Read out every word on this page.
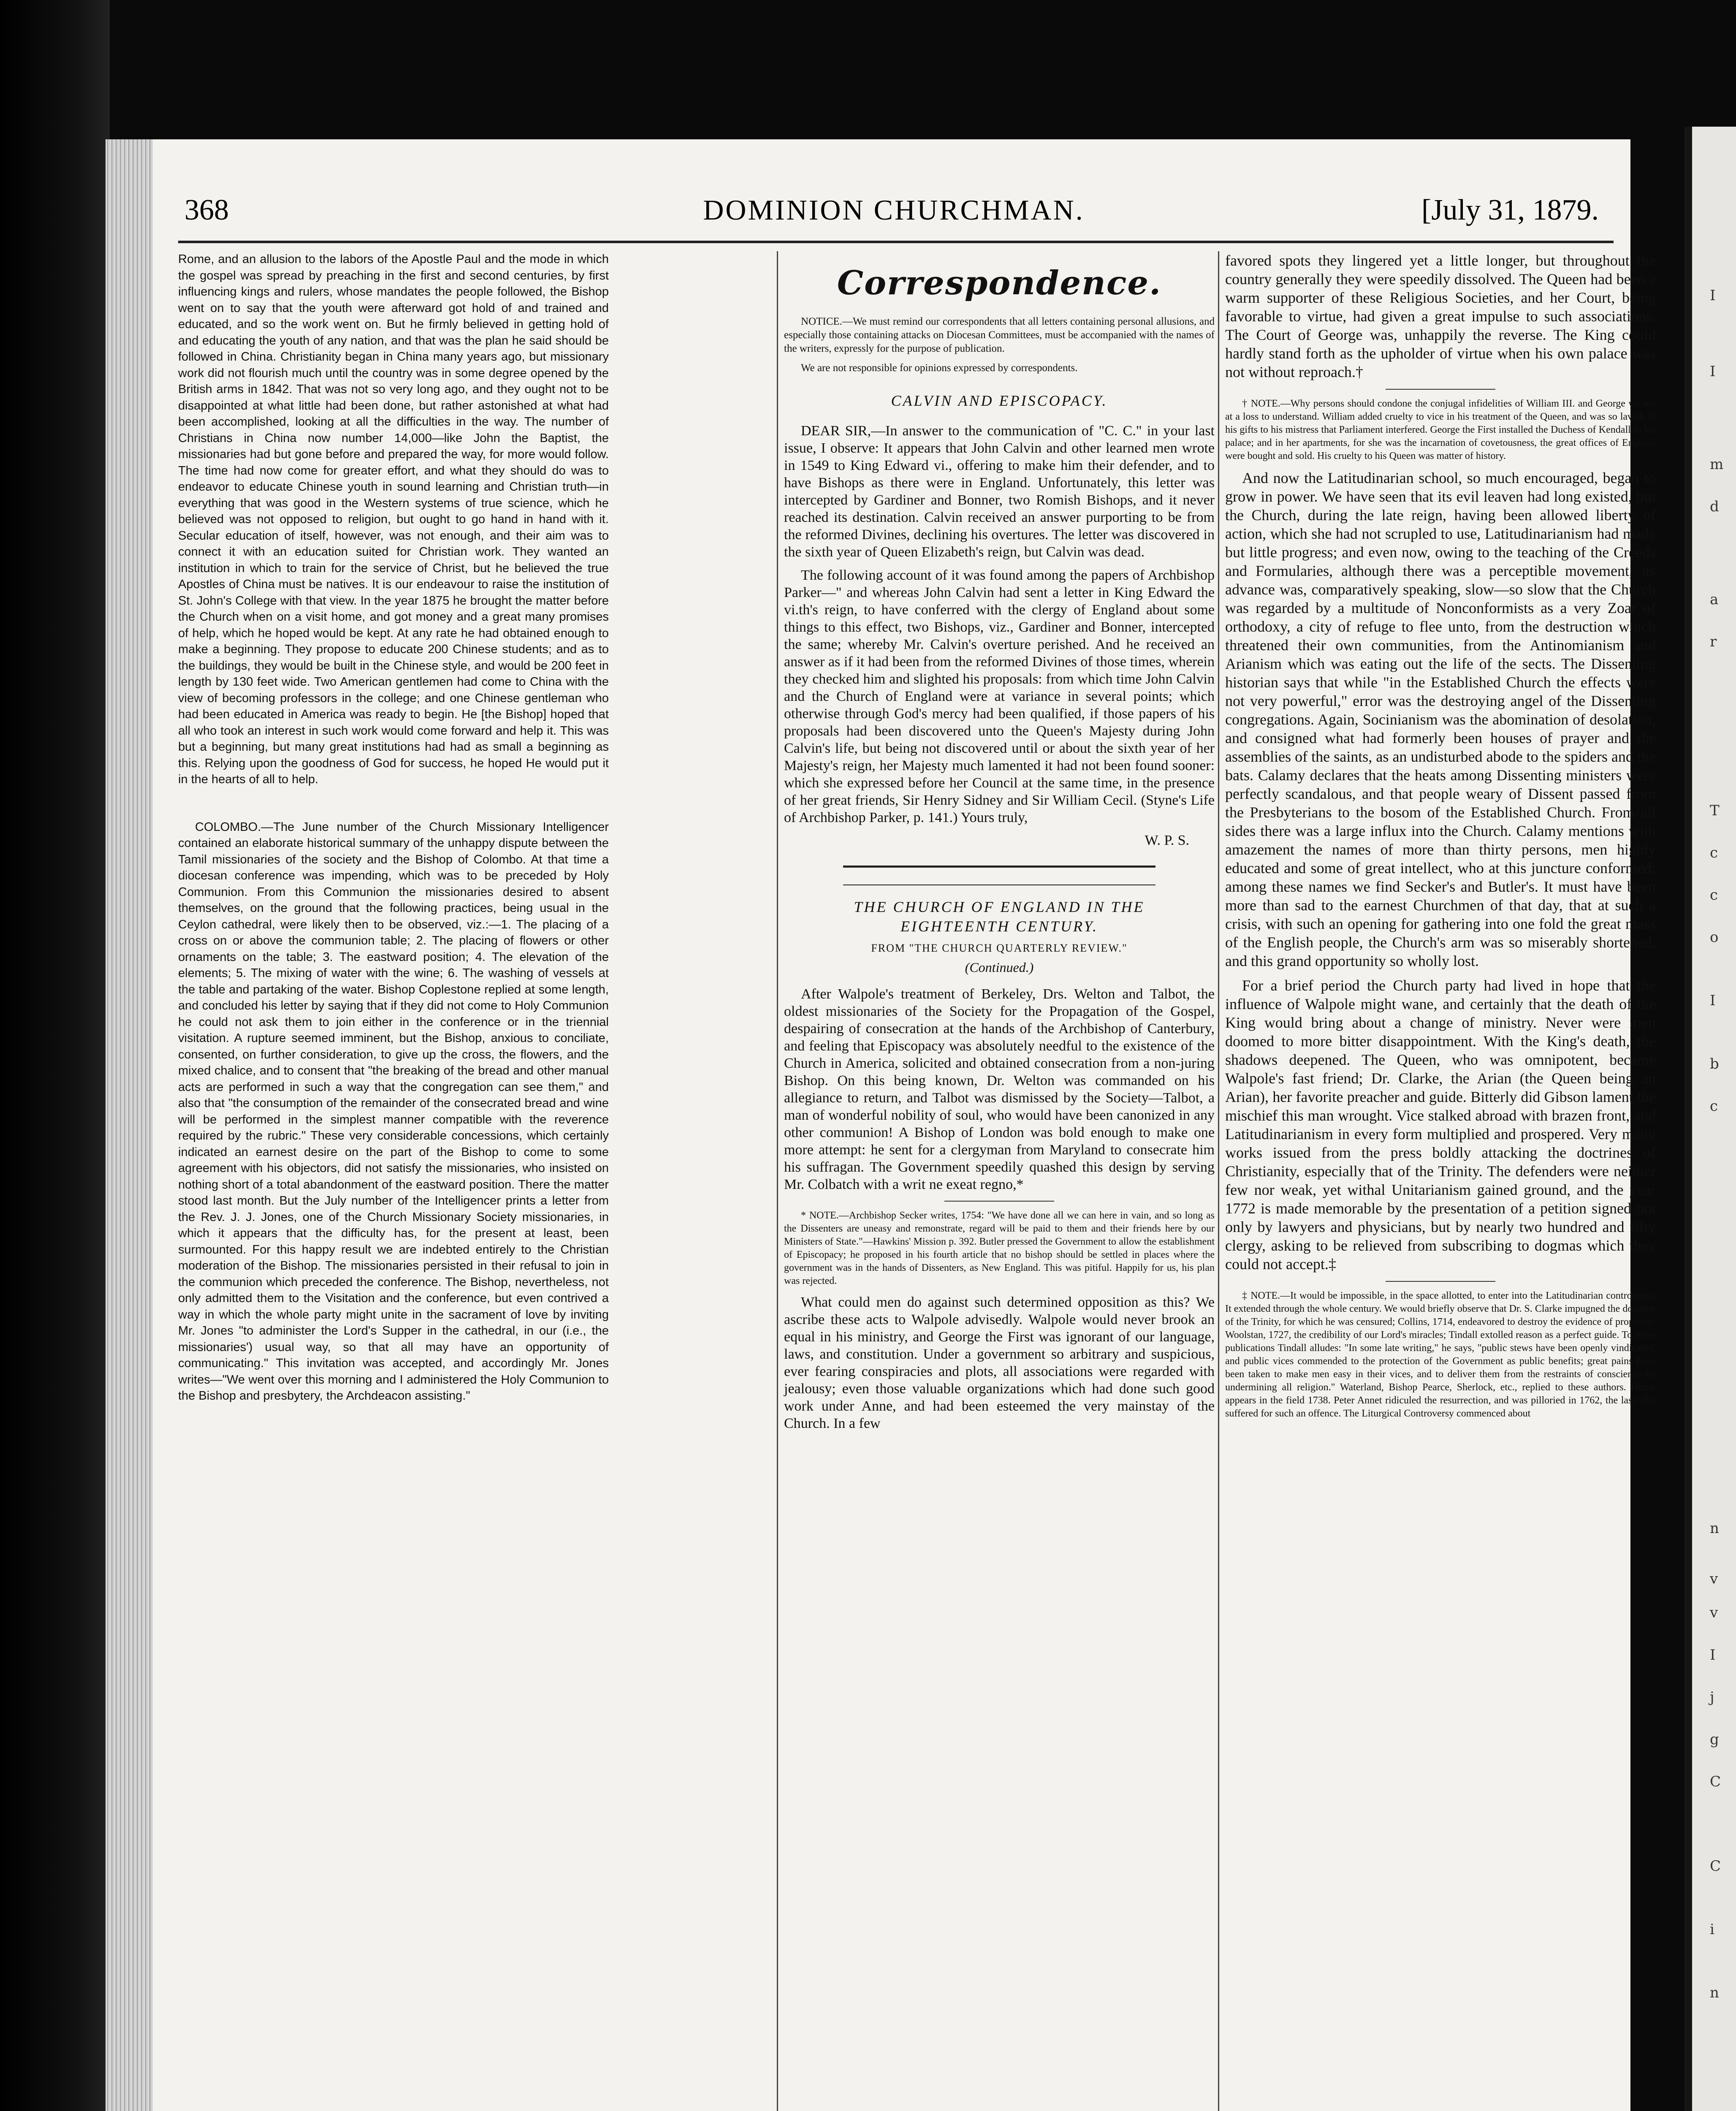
I

I

m

d

a

r

T

c

c

o

I

b

c

n

v

v

I

j

g

C

C

i

n

368	DOMINION CHURCHMAN.	[July 31, 1879.

Rome, and an allusion to the labors of the Apostle Paul and the mode in which the gospel was spread by preaching in the first and second centuries, by first influencing kings and rulers, whose mandates the people followed, the Bishop went on to say that the youth were afterward got hold of and trained and educated, and so the work went on. But he firmly believed in getting hold of and educating the youth of any nation, and that was the plan he said should be followed in China. Christianity began in China many years ago, but missionary work did not flourish much until the country was in some degree opened by the British arms in 1842. That was not so very long ago, and they ought not to be disappointed at what little had been done, but rather astonished at what had been accomplished, looking at all the difficulties in the way. The number of Christians in China now number 14,000—like John the Baptist, the missionaries had but gone before and prepared the way, for more would follow. The time had now come for greater effort, and what they should do was to endeavor to educate Chinese youth in sound learning and Christian truth—in everything that was good in the Western systems of true science, which he believed was not opposed to religion, but ought to go hand in hand with it. Secular education of itself, however, was not enough, and their aim was to connect it with an education suited for Christian work. They wanted an institution in which to train for the service of Christ, but he believed the true Apostles of China must be natives. It is our endeavour to raise the institution of St. John's College with that view. In the year 1875 he brought the matter before the Church when on a visit home, and got money and a great many promises of help, which he hoped would be kept. At any rate he had obtained enough to make a beginning. They propose to educate 200 Chinese students; and as to the buildings, they would be built in the Chinese style, and would be 200 feet in length by 130 feet wide. Two American gentlemen had come to China with the view of becoming professors in the college; and one Chinese gentleman who had been educated in America was ready to begin. He [the Bishop] hoped that all who took an interest in such work would come forward and help it. This was but a beginning, but many great institutions had had as small a beginning as this. Relying upon the goodness of God for success, he hoped He would put it in the hearts of all to help.

COLOMBO.—The June number of the Church Missionary Intelligencer contained an elaborate historical summary of the unhappy dispute between the Tamil missionaries of the society and the Bishop of Colombo. At that time a diocesan conference was impending, which was to be preceded by Holy Communion. From this Communion the missionaries desired to absent themselves, on the ground that the following practices, being usual in the Ceylon cathedral, were likely then to be observed, viz.:—1. The placing of a cross on or above the communion table; 2. The placing of flowers or other ornaments on the table; 3. The eastward position; 4. The elevation of the elements; 5. The mixing of water with the wine; 6. The washing of vessels at the table and partaking of the water. Bishop Coplestone replied at some length, and concluded his letter by saying that if they did not come to Holy Communion he could not ask them to join either in the conference or in the triennial visitation. A rupture seemed imminent, but the Bishop, anxious to conciliate, consented, on further consideration, to give up the cross, the flowers, and the mixed chalice, and to consent that "the breaking of the bread and other manual acts are performed in such a way that the congregation can see them," and also that "the consumption of the remainder of the consecrated bread and wine will be performed in the simplest manner compatible with the reverence required by the rubric." These very considerable concessions, which certainly indicated an earnest desire on the part of the Bishop to come to some agreement with his objectors, did not satisfy the missionaries, who insisted on nothing short of a total abandonment of the eastward position. There the matter stood last month. But the July number of the Intelligencer prints a letter from the Rev. J. J. Jones, one of the Church Missionary Society missionaries, in which it appears that the difficulty has, for the present at least, been surmounted. For this happy result we are indebted entirely to the Christian moderation of the Bishop. The missionaries persisted in their refusal to join in the communion which preceded the conference. The Bishop, nevertheless, not only admitted them to the Visitation and the conference, but even contrived a way in which the whole party might unite in the sacrament of love by inviting Mr. Jones "to administer the Lord's Supper in the cathedral, in our (i.e., the missionaries') usual way, so that all may have an opportunity of communicating." This invitation was accepted, and accordingly Mr. Jones writes—"We went over this morning and I administered the Holy Communion to the Bishop and presbytery, the Archdeacon assisting."

Correspondence.

NOTICE.—We must remind our correspondents that all letters containing personal allusions, and especially those containing attacks on Diocesan Committees, must be accompanied with the names of the writers, expressly for the purpose of publication.

We are not responsible for opinions expressed by correspondents.

CALVIN AND EPISCOPACY.

DEAR SIR,—In answer to the communication of "C. C." in your last issue, I observe: It appears that John Calvin and other learned men wrote in 1549 to King Edward vi., offering to make him their defender, and to have Bishops as there were in England. Unfortunately, this letter was intercepted by Gardiner and Bonner, two Romish Bishops, and it never reached its destination. Calvin received an answer purporting to be from the reformed Divines, declining his overtures. The letter was discovered in the sixth year of Queen Elizabeth's reign, but Calvin was dead.

The following account of it was found among the papers of Archbishop Parker—" and whereas John Calvin had sent a letter in King Edward the vi.th's reign, to have conferred with the clergy of England about some things to this effect, two Bishops, viz., Gardiner and Bonner, intercepted the same; whereby Mr. Calvin's overture perished. And he received an answer as if it had been from the reformed Divines of those times, wherein they checked him and slighted his proposals: from which time John Calvin and the Church of England were at variance in several points; which otherwise through God's mercy had been qualified, if those papers of his proposals had been discovered unto the Queen's Majesty during John Calvin's life, but being not discovered until or about the sixth year of her Majesty's reign, her Majesty much lamented it had not been found sooner: which she expressed before her Council at the same time, in the presence of her great friends, Sir Henry Sidney and Sir William Cecil. (Styne's Life of Archbishop Parker, p. 141.) Yours truly,

W. P. S.

THE CHURCH OF ENGLAND IN THE
EIGHTEENTH CENTURY.
FROM "THE CHURCH QUARTERLY REVIEW."
(Continued.)

After Walpole's treatment of Berkeley, Drs. Welton and Talbot, the oldest missionaries of the Society for the Propagation of the Gospel, despairing of consecration at the hands of the Archbishop of Canterbury, and feeling that Episcopacy was absolutely needful to the existence of the Church in America, solicited and obtained consecration from a non-juring Bishop. On this being known, Dr. Welton was commanded on his allegiance to return, and Talbot was dismissed by the Society—Talbot, a man of wonderful nobility of soul, who would have been canonized in any other communion! A Bishop of London was bold enough to make one more attempt: he sent for a clergyman from Maryland to consecrate him his suffragan. The Government speedily quashed this design by serving Mr. Colbatch with a writ ne exeat regno,*

* NOTE.—Archbishop Secker writes, 1754: "We have done all we can here in vain, and so long as the Dissenters are uneasy and remonstrate, regard will be paid to them and their friends here by our Ministers of State."—Hawkins' Mission p. 392. Butler pressed the Government to allow the establishment of Episcopacy; he proposed in his fourth article that no bishop should be settled in places where the government was in the hands of Dissenters, as New England. This was pitiful. Happily for us, his plan was rejected.

What could men do against such determined opposition as this? We ascribe these acts to Walpole advisedly. Walpole would never brook an equal in his ministry, and George the First was ignorant of our language, laws, and constitution. Under a government so arbitrary and suspicious, ever fearing conspiracies and plots, all associations were regarded with jealousy; even those valuable organizations which had done such good work under Anne, and had been esteemed the very mainstay of the Church. In a few

favored spots they lingered yet a little longer, but throughout the country generally they were speedily dissolved. The Queen had been a warm supporter of these Religious Societies, and her Court, being favorable to virtue, had given a great impulse to such associations. The Court of George was, unhappily the reverse. The King could hardly stand forth as the upholder of virtue when his own palace was not without reproach.†

† NOTE.—Why persons should condone the conjugal infidelities of William III. and George we are at a loss to understand. William added cruelty to vice in his treatment of the Queen, and was so lavish of his gifts to his mistress that Parliament interfered. George the First installed the Duchess of Kendall in his palace; and in her apartments, for she was the incarnation of covetousness, the great offices of England were bought and sold. His cruelty to his Queen was matter of history.

And now the Latitudinarian school, so much encouraged, began to grow in power. We have seen that its evil leaven had long existed, but the Church, during the late reign, having been allowed liberty of action, which she had not scrupled to use, Latitudinarianism had made but little progress; and even now, owing to the teaching of the Creeds and Formularies, although there was a perceptible movement, its advance was, comparatively speaking, slow—so slow that the Church was regarded by a multitude of Nonconformists as a very Zoar of orthodoxy, a city of refuge to flee unto, from the destruction which threatened their own communities, from the Antinomianism and Arianism which was eating out the life of the sects. The Dissenting historian says that while "in the Established Church the effects were not very powerful," error was the destroying angel of the Dissenting congregations. Again, Socinianism was the abomination of desolation, and consigned what had formerly been houses of prayer and the assemblies of the saints, as an undisturbed abode to the spiders and the bats. Calamy declares that the heats among Dissenting ministers were perfectly scandalous, and that people weary of Dissent passed from the Presbyterians to the bosom of the Established Church. From all sides there was a large influx into the Church. Calamy mentions with amazement the names of more than thirty persons, men highly educated and some of great intellect, who at this juncture conformed; among these names we find Secker's and Butler's. It must have been more than sad to the earnest Churchmen of that day, that at such a crisis, with such an opening for gathering into one fold the great mass of the English people, the Church's arm was so miserably shortened, and this grand opportunity so wholly lost.

For a brief period the Church party had lived in hope that the influence of Walpole might wane, and certainly that the death of the King would bring about a change of ministry. Never were men doomed to more bitter disappointment. With the King's death, the shadows deepened. The Queen, who was omnipotent, became Walpole's fast friend; Dr. Clarke, the Arian (the Queen being an Arian), her favorite preacher and guide. Bitterly did Gibson lament the mischief this man wrought. Vice stalked abroad with brazen front, and Latitudinarianism in every form multiplied and prospered. Very many works issued from the press boldly attacking the doctrines of Christianity, especially that of the Trinity. The defenders were neither few nor weak, yet withal Unitarianism gained ground, and the year 1772 is made memorable by the presentation of a petition signed not only by lawyers and physicians, but by nearly two hundred and fifty clergy, asking to be relieved from subscribing to dogmas which they could not accept.‡

‡ NOTE.—It would be impossible, in the space allotted, to enter into the Latitudinarian controversy. It extended through the whole century. We would briefly observe that Dr. S. Clarke impugned the doctrine of the Trinity, for which he was censured; Collins, 1714, endeavored to destroy the evidence of prophecy; Woolstan, 1727, the credibility of our Lord's miracles; Tindall extolled reason as a perfect guide. To these publications Tindall alludes: "In some late writing," he says, "public stews have been openly vindicated, and public vices commended to the protection of the Government as public benefits; great pains have been taken to make men easy in their vices, and to deliver them from the restraints of conscience by undermining all religion." Waterland, Bishop Pearce, Sherlock, etc., replied to these authors. Hume appears in the field 1738. Peter Annet ridiculed the resurrection, and was pilloried in 1762, the last who suffered for such an offence. The Liturgical Controversy commenced about
